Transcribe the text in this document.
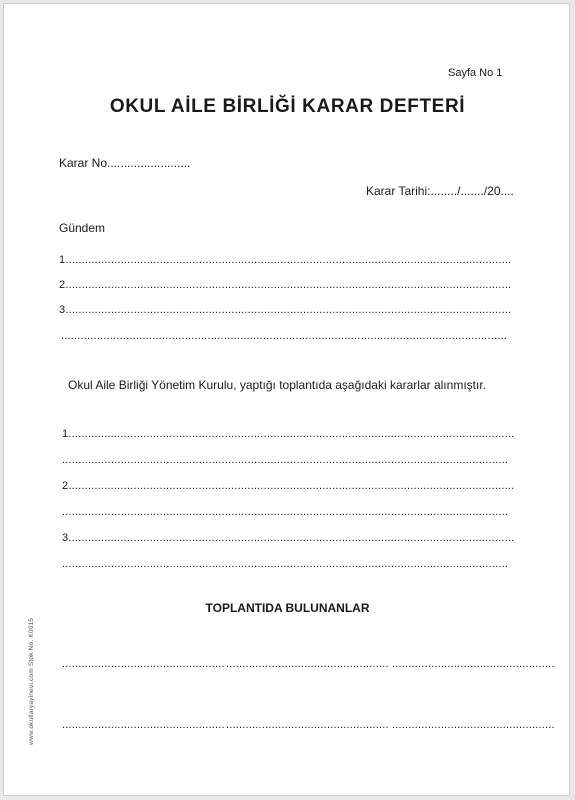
Sayfa No 1
OKUL AİLE BİRLİĞİ KARAR DEFTERİ
Karar No.........................
Karar Tarihi:......../......./20....
Gündem
1.........................................................................................................................................
2.........................................................................................................................................
3.........................................................................................................................................
.........................................................................................................................................
Okul Aile Birliği Yönetim Kurulu, yaptığı toplantıda aşağıdaki kararlar alınmıştır.
1.........................................................................................................................................
.........................................................................................................................................
2.........................................................................................................................................
.........................................................................................................................................
3.........................................................................................................................................
.........................................................................................................................................
TOPLANTIDA BULUNANLAR
.................................................. .................................................. ..................................................
.................................................. .................................................. ..................................................
www.okullaryayinevi.com Stok No. K0015
